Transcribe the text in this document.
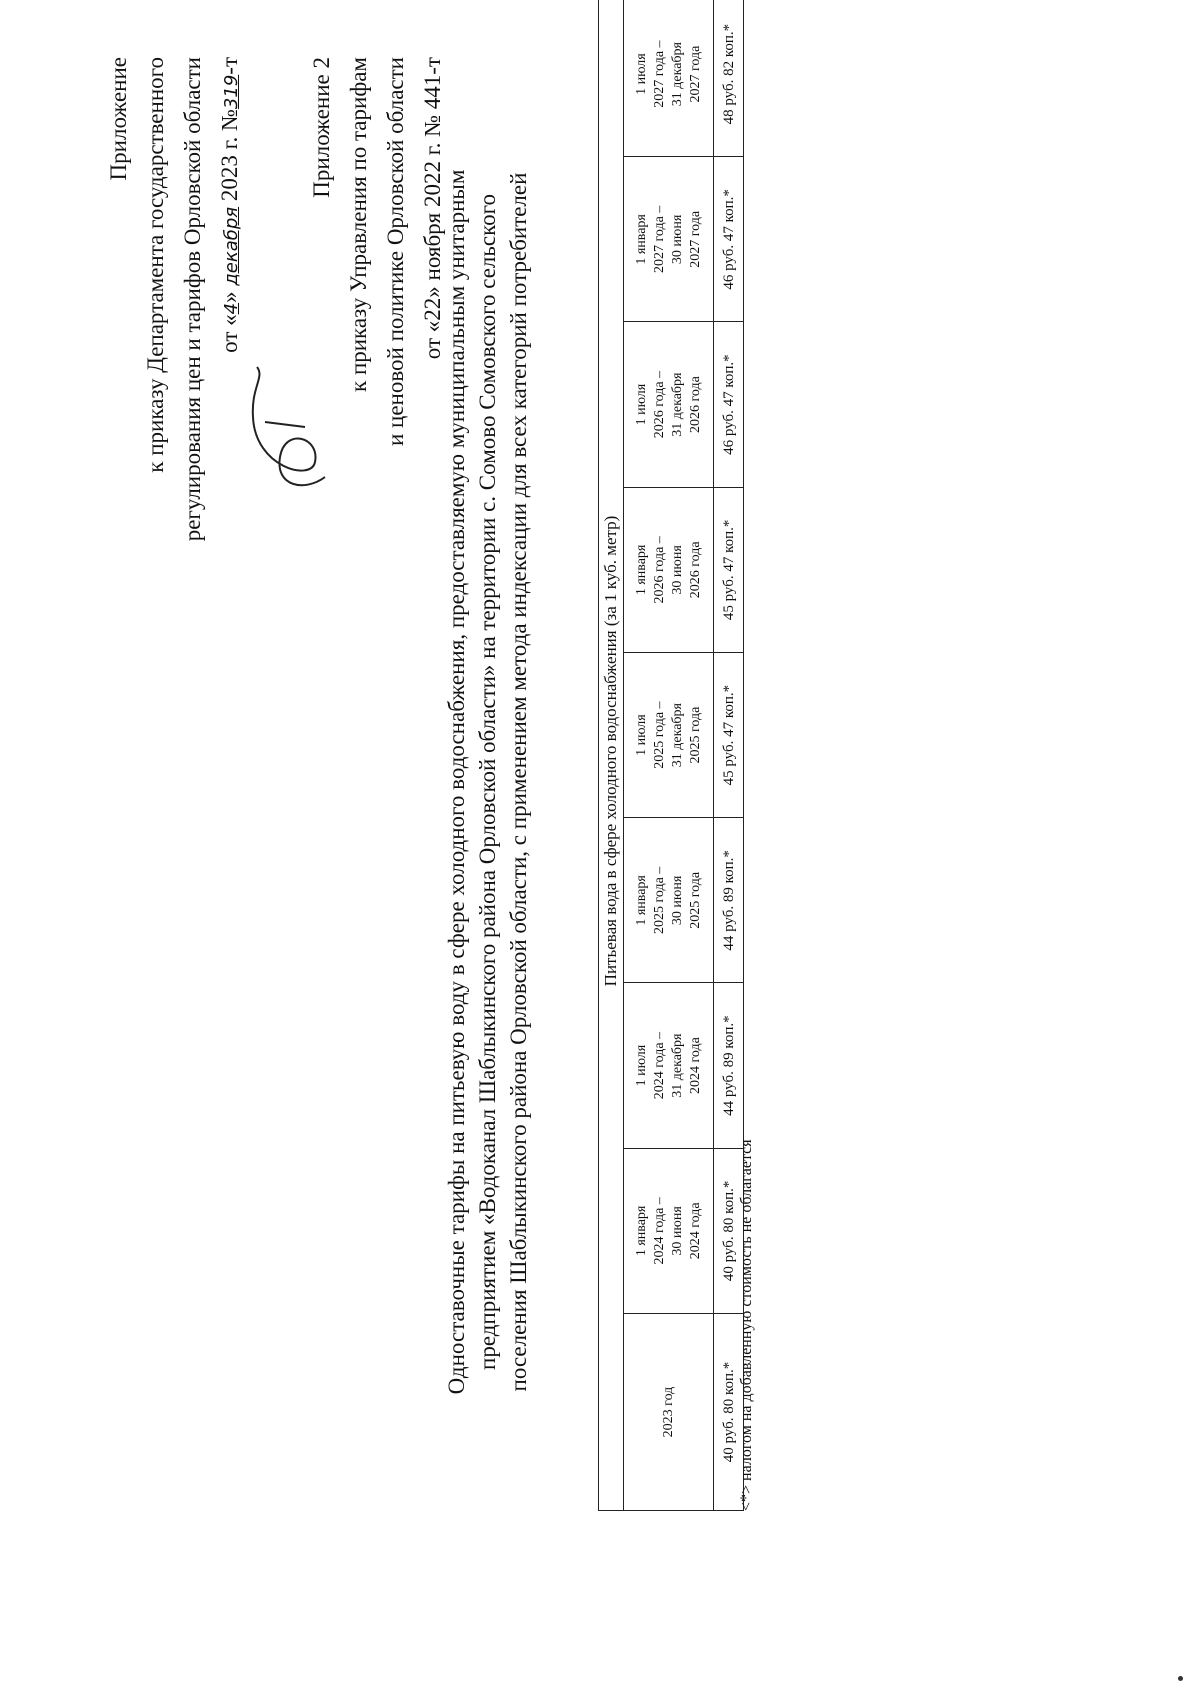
Приложение к приказу Департамента государственного регулирования цен и тарифов Орловской области от «4» декабря 2023 г. №319-т	Приложение 2 к приказу Управления по тарифам и ценовой политике Орловской области от «22» ноября 2022 г. № 441-т Одноставочные тарифы на питьевую воду в сфере холодного водоснабжения, предоставляемую муниципальным унитарным предприятием «Водоканал Шаблыкинского района Орловской области» на территории с. Сомово Сомовского сельского поселения Шаблыкинского района Орловской области, с применением метода индексации для всех категорий потребителей	Питьевая вода в сфере холодного водоснабжения (за 1 куб. метр)								
2023 год	1 января 2024 года – 30 июня 2024 года	1 июля 2024 года – 31 декабря 2024 года	1 января 2025 года – 30 июня 2025 года	1 июля 2025 года – 31 декабря 2025 года	1 января 2026 года – 30 июня 2026 года	1 июля 2026 года – 31 декабря 2026 года	1 января 2027 года – 30 июня 2027 года	1 июля 2027 года – 31 декабря 2027 года

40 руб. 80 коп.*	40 руб. 80 коп.*	44 руб. 89 коп.*	44 руб. 89 коп.*	45 руб. 47 коп.*	45 руб. 47 коп.*	46 руб. 47 коп.*	46 руб. 47 коп.*	48 руб. 82 коп.*
<*> налогом на добавленную стоимость не облагается
